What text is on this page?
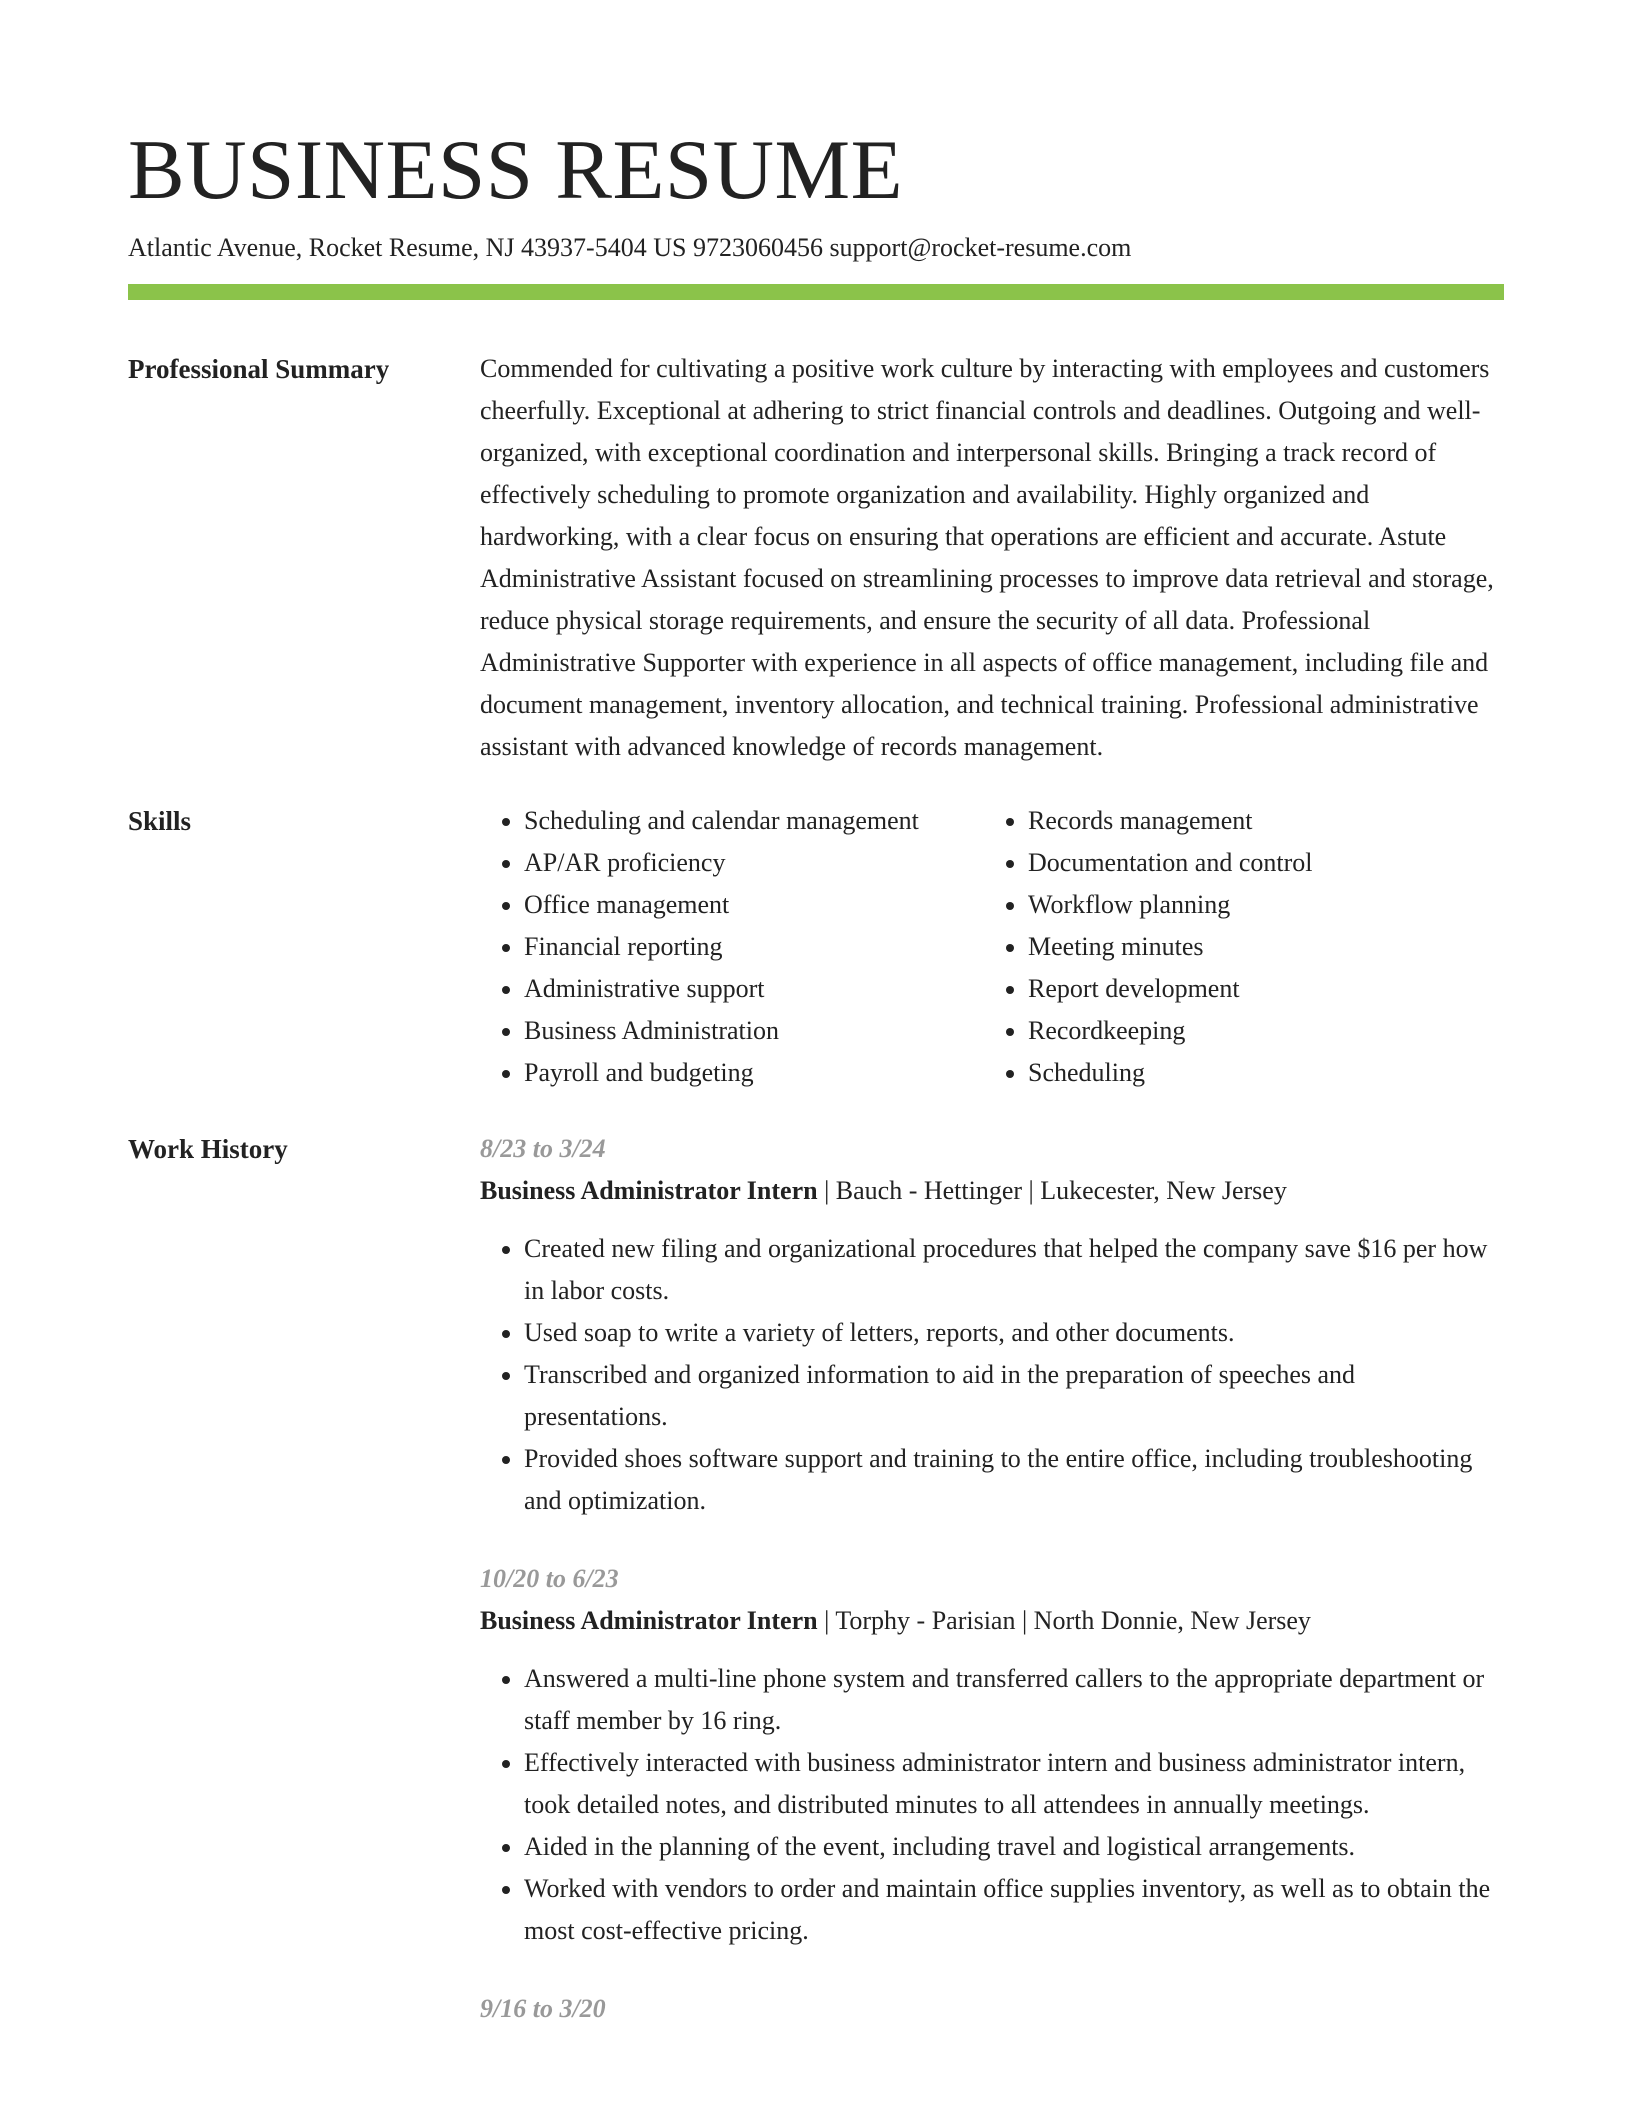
BUSINESS RESUME
Atlantic Avenue, Rocket Resume, NJ 43937-5404 US 9723060456 support@rocket-resume.com
Professional Summary	Commended for cultivating a positive work culture by interacting with employees and customers cheerfully. Exceptional at adhering to strict financial controls and deadlines. Outgoing and well-organized, with exceptional coordination and interpersonal skills. Bringing a track record of effectively scheduling to promote organization and availability. Highly organized and hardworking, with a clear focus on ensuring that operations are efficient and accurate. Astute Administrative Assistant focused on streamlining processes to improve data retrieval and storage, reduce physical storage requirements, and ensure the security of all data. Professional Administrative Supporter with experience in all aspects of office management, including file and document management, inventory allocation, and technical training. Professional administrative assistant with advanced knowledge of records management.

Skills
•	Scheduling and calendar management
• AP/AR proficiency
• Office management
• Financial reporting
• Administrative support
• Business Administration
• Payroll and budgeting
• Records management
• Documentation and control
• Workflow planning
• Meeting minutes
• Report development
• Recordkeeping
• Scheduling
Work History	8/23 to 3/24
Business Administrator Intern | Bauch - Hettinger | Lukecester, New Jersey
• Created new filing and organizational procedures that helped the company save $16 per how in labor costs.
• Used soap to write a variety of letters, reports, and other documents.
• Transcribed and organized information to aid in the preparation of speeches and presentations.
• Provided shoes software support and training to the entire office, including troubleshooting and optimization.
10/20 to 6/23
Business Administrator Intern | Torphy - Parisian | North Donnie, New Jersey
• Answered a multi-line phone system and transferred callers to the appropriate department or staff member by 16 ring.
• Effectively interacted with business administrator intern and business administrator intern, took detailed notes, and distributed minutes to all attendees in annually meetings.
• Aided in the planning of the event, including travel and logistical arrangements.
• Worked with vendors to order and maintain office supplies inventory, as well as to obtain the most cost-effective pricing.
9/16 to 3/20
